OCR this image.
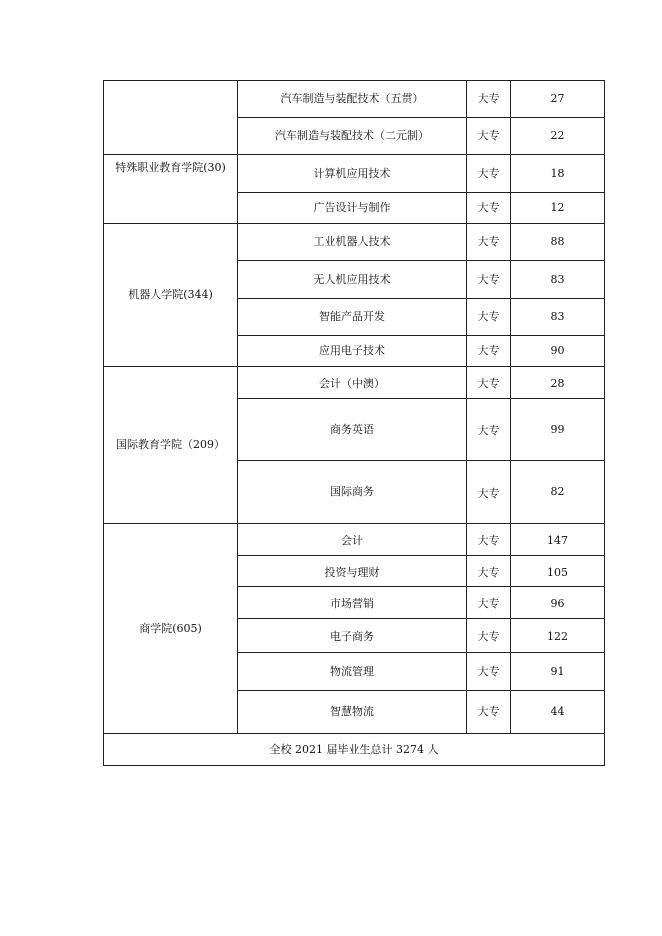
	汽车制造与装配技术（五贯）	大专	27
	汽车制造与装配技术（二元制）	大专	22
特殊职业教育学院(30)	计算机应用技术	大专	18
	广告设计与制作	大专	12
机器人学院(344)	工业机器人技术	大专	88
	无人机应用技术	大专	83
	智能产品开发	大专	83
	应用电子技术	大专	90
国际教育学院（209）	会计（中澳）	大专	28
	商务英语	大专	99
	国际商务	大专	82
商学院(605)	会计	大专	147
	投资与理财	大专	105
	市场营销	大专	96
	电子商务	大专	122
	物流管理	大专	91
	智慧物流	大专	44
全校 2021 届毕业生总计 3274 人			
